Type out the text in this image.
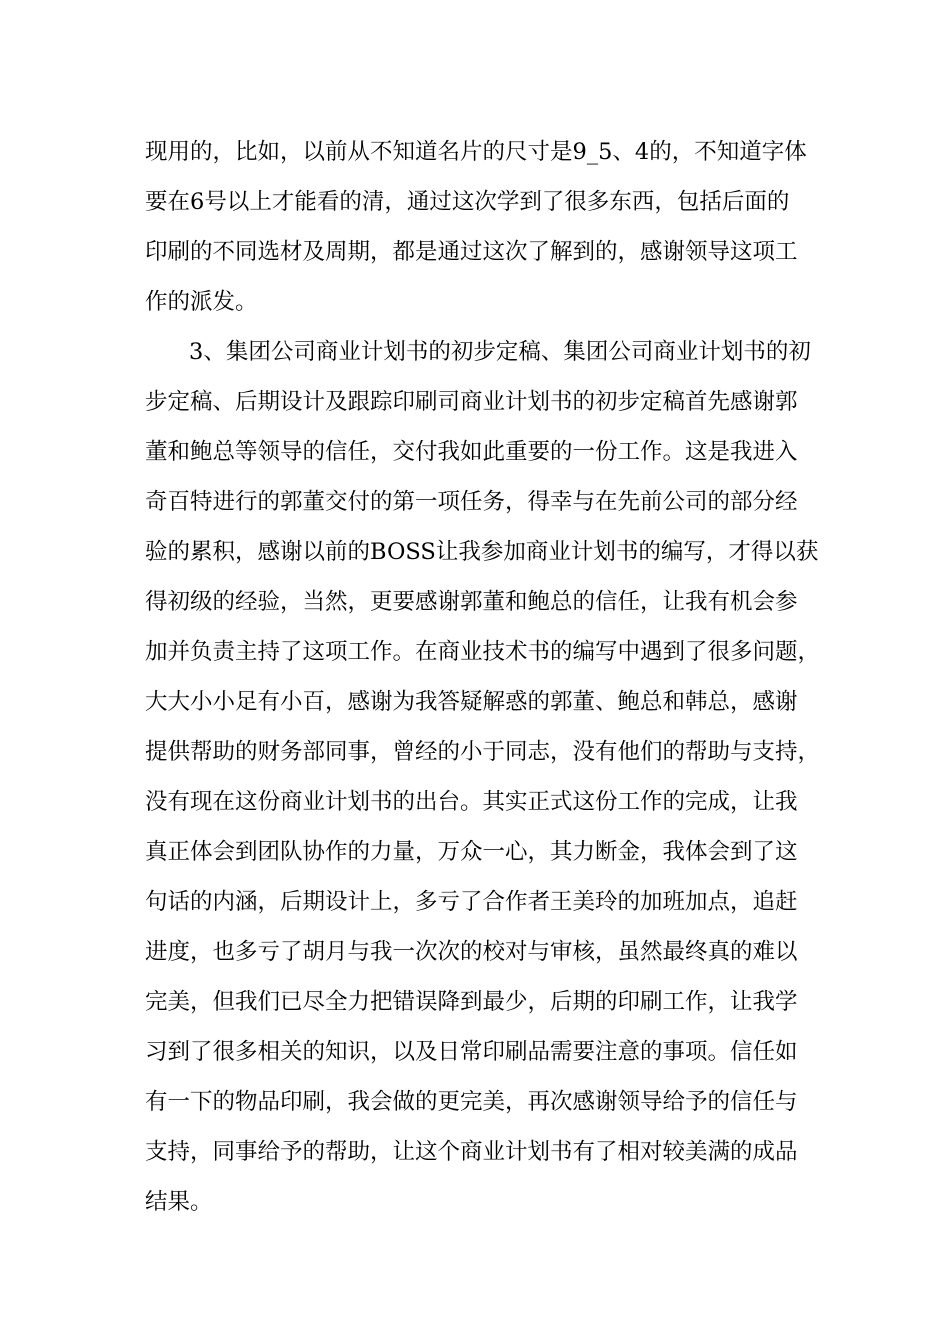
现用的，比如，以前从不知道名片的尺寸是9_5、4的，不知道字体
要在6号以上才能看的清，通过这次学到了很多东西，包括后面的
印刷的不同选材及周期，都是通过这次了解到的，感谢领导这项工
作的派发。
3、集团公司商业计划书的初步定稿、集团公司商业计划书的初
步定稿、后期设计及跟踪印刷司商业计划书的初步定稿首先感谢郭
董和鲍总等领导的信任，交付我如此重要的一份工作。这是我进入
奇百特进行的郭董交付的第一项任务，得幸与在先前公司的部分经
验的累积，感谢以前的BOSS让我参加商业计划书的编写，才得以获
得初级的经验，当然，更要感谢郭董和鲍总的信任，让我有机会参
加并负责主持了这项工作。在商业技术书的编写中遇到了很多问题，
大大小小足有小百，感谢为我答疑解惑的郭董、鲍总和韩总，感谢
提供帮助的财务部同事，曾经的小于同志，没有他们的帮助与支持，
没有现在这份商业计划书的出台。其实正式这份工作的完成，让我
真正体会到团队协作的力量，万众一心，其力断金，我体会到了这
句话的内涵，后期设计上，多亏了合作者王美玲的加班加点，追赶
进度，也多亏了胡月与我一次次的校对与审核，虽然最终真的难以
完美，但我们已尽全力把错误降到最少，后期的印刷工作，让我学
习到了很多相关的知识，以及日常印刷品需要注意的事项。信任如
有一下的物品印刷，我会做的更完美，再次感谢领导给予的信任与
支持，同事给予的帮助，让这个商业计划书有了相对较美满的成品
结果。
